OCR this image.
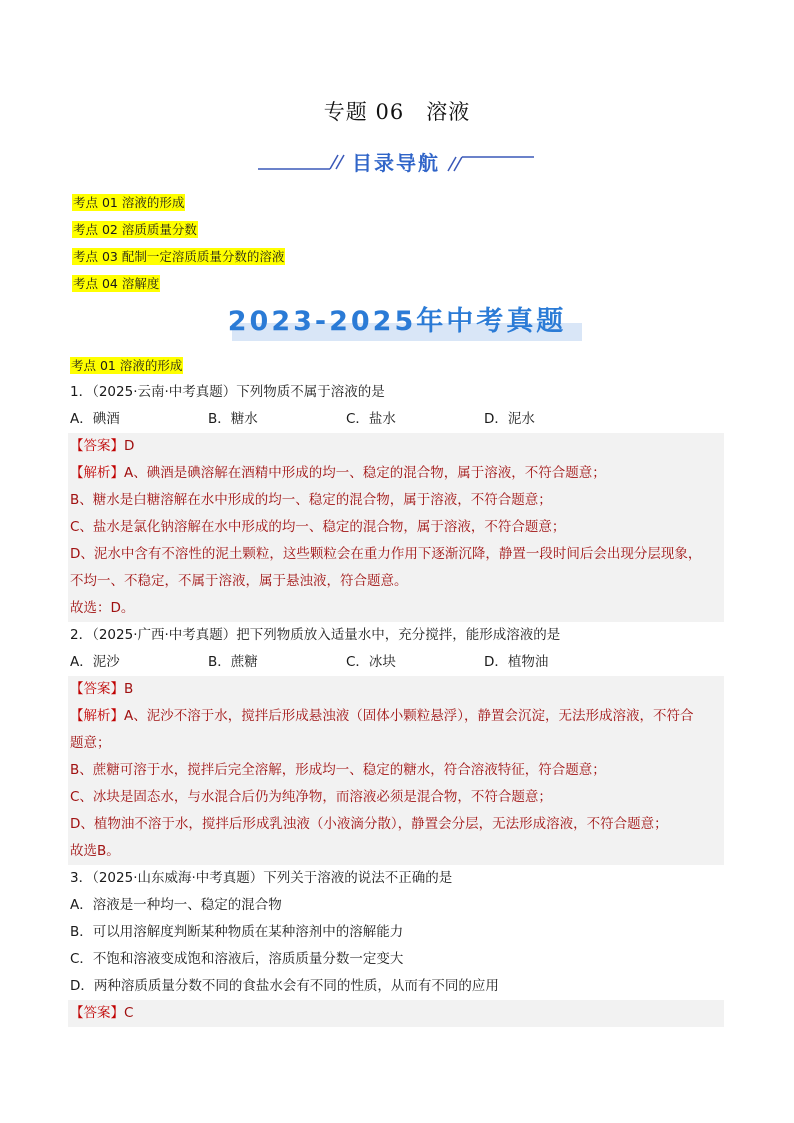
专题 06　溶液
目录导航
考点 01 溶液的形成
考点 02 溶质质量分数
考点 03 配制一定溶质质量分数的溶液
考点 04 溶解度
2023-2025年中考真题
考点 01 溶液的形成
1．（2025·云南·中考真题）下列物质不属于溶液的是
A．碘酒	B．糖水	C．盐水	D．泥水
【答案】D
【解析】A、碘酒是碘溶解在酒精中形成的均一、稳定的混合物，属于溶液，不符合题意；
B、糖水是白糖溶解在水中形成的均一、稳定的混合物，属于溶液，不符合题意；
C、盐水是氯化钠溶解在水中形成的均一、稳定的混合物，属于溶液，不符合题意；
D、泥水中含有不溶性的泥土颗粒，这些颗粒会在重力作用下逐渐沉降，静置一段时间后会出现分层现象，
不均一、不稳定，不属于溶液，属于悬浊液，符合题意。
故选：D。
2．（2025·广西·中考真题）把下列物质放入适量水中，充分搅拌，能形成溶液的是
A．泥沙	B．蔗糖	C．冰块	D．植物油
【答案】B
【解析】A、泥沙不溶于水，搅拌后形成悬浊液（固体小颗粒悬浮），静置会沉淀，无法形成溶液，不符合
题意；
B、蔗糖可溶于水，搅拌后完全溶解，形成均一、稳定的糖水，符合溶液特征，符合题意；
C、冰块是固态水，与水混合后仍为纯净物，而溶液必须是混合物，不符合题意；
D、植物油不溶于水，搅拌后形成乳浊液（小液滴分散），静置会分层，无法形成溶液，不符合题意；
故选B。
3．（2025·山东威海·中考真题）下列关于溶液的说法不正确的是
A．溶液是一种均一、稳定的混合物
B．可以用溶解度判断某种物质在某种溶剂中的溶解能力
C．不饱和溶液变成饱和溶液后，溶质质量分数一定变大
D．两种溶质质量分数不同的食盐水会有不同的性质，从而有不同的应用
【答案】C
